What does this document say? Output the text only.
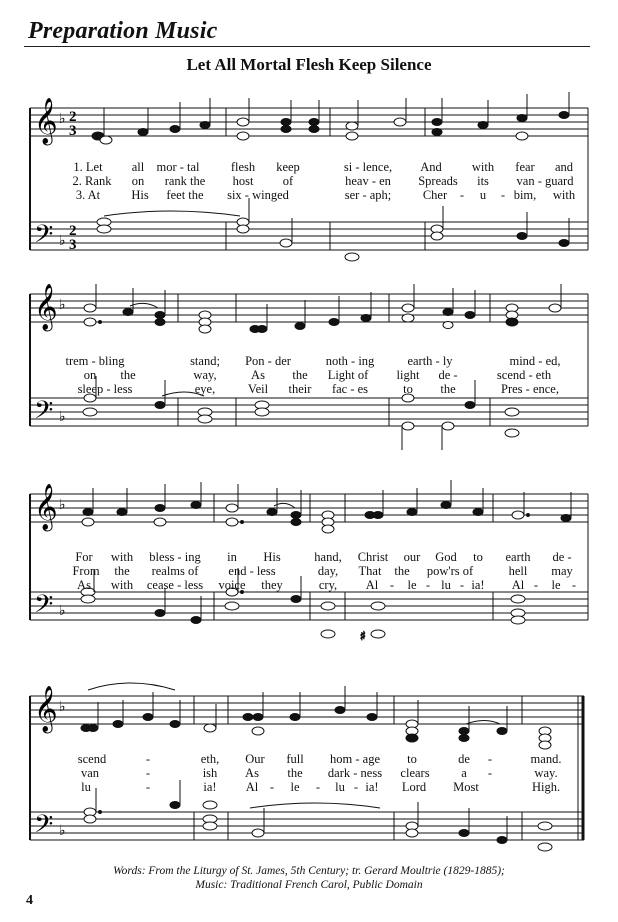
Preparation Music
Let All Mortal Flesh Keep Silence
𝄞
𝄢
♭
♭
2
3
2
3
1. Let all mor - tal	flesh keep	si - lence, And with fear and
2. Rank on rank the host of	heav - en Spreads its van - guard
3. At His feet the six - winged	ser - aph;	Cher - u - bim, with
𝄞
𝄢
♭
♭
trem - bling	stand; Pon - der	noth - ing	earth - ly	mind - ed,
on the	way,	As the Light of light de -	scend - eth
sleep - less	eye,	Veil their fac - es	to the	Pres - ence,
𝄞
𝄢
♭
♭
♯
For with bless - ing in His	hand, Christ our God to earth de -
From the realms of end - less	day, That the pow'rs of	hell may
As with cease - less voice they	cry, Al - le - lu - ia! Al - le -
𝄞
𝄢
♭
♭
scend	-	eth, Our full hom - age to	de -	mand.
van	-	ish As the dark - ness clears	a -	way.
lu	-	ia! Al - le - lu - ia! Lord Most	High.
Words: From the Liturgy of St. James, 5th Century; tr. Gerard Moultrie (1829-1885);
Music: Traditional French Carol, Public Domain
4
